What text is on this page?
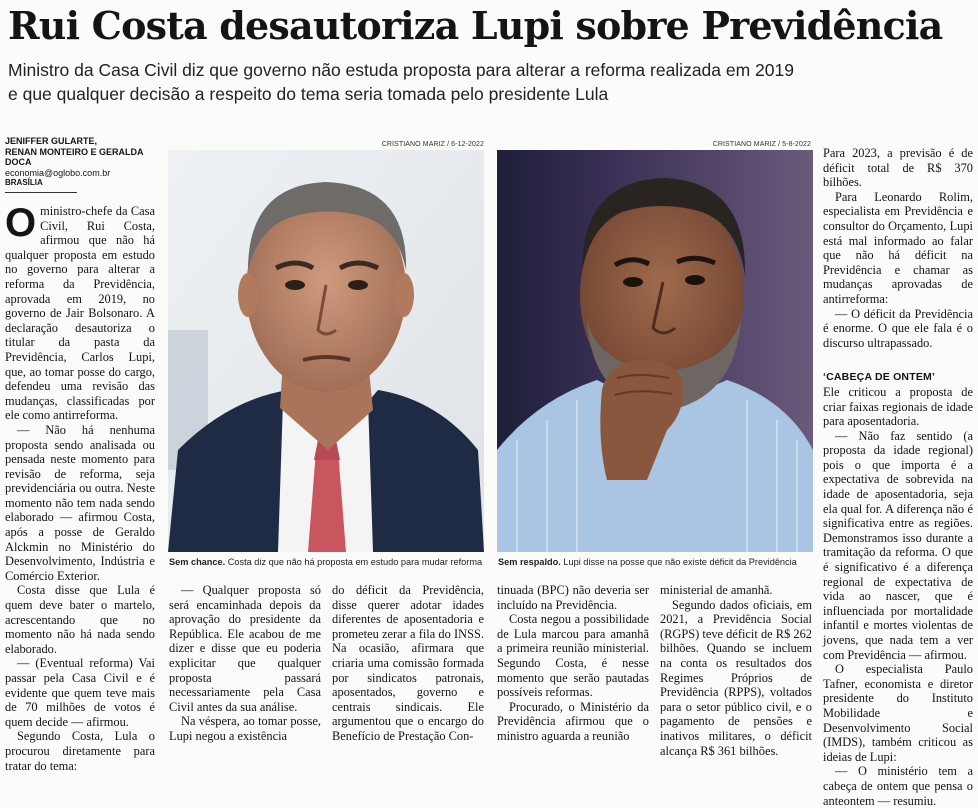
Rui Costa desautoriza Lupi sobre Previdência
Ministro da Casa Civil diz que governo não estuda proposta para alterar a reforma realizada em 2019
e que qualquer decisão a respeito do tema seria tomada pelo presidente Lula
JENIFFER GULARTE,
RENAN MONTEIRO E GERALDA DOCA
economia@oglobo.com.br
BRASÍLIA

Oministro-chefe da Casa Civil, Rui Costa, afirmou que não há qualquer proposta em estudo no governo para alterar a reforma da Previdência, aprovada em 2019, no governo de Jair Bolsonaro. A declaração desautoriza o titular da pasta da Previdência, Carlos Lupi, que, ao tomar posse do cargo, defendeu uma revisão das mudanças, classificadas por ele como antirreforma.

— Não há nenhuma proposta sendo analisada ou pensada neste momento para revisão de reforma, seja previdenciária ou outra. Neste momento não tem nada sendo elaborado — afirmou Costa, após a posse de Geraldo Alckmin no Ministério do Desenvolvimento, Indústria e Comércio Exterior.

Costa disse que Lula é quem deve bater o martelo, acrescentando que no momento não há nada sendo elaborado.

— (Eventual reforma) Vai passar pela Casa Civil e é evidente que quem teve mais de 70 milhões de votos é quem decide — afirmou.

Segundo Costa, Lula o procurou diretamente para tratar do tema:

CRISTIANO MARIZ / 6-12-2022
Sem chance. Costa diz que não há proposta em estudo para mudar reforma
CRISTIANO MARIZ / 5-8-2022
Sem respaldo. Lupi disse na posse que não existe déficit da Previdência

— Qualquer proposta só será encaminhada depois da aprovação do presidente da República. Ele acabou de me dizer e disse que eu poderia explicitar que qualquer proposta passará necessariamente pela Casa Civil antes da sua análise.

Na véspera, ao tomar posse, Lupi negou a existência

do déficit da Previdência, disse querer adotar idades diferentes de aposentadoria e prometeu zerar a fila do INSS. Na ocasião, afirmara que criaria uma comissão formada por sindicatos patronais, aposentados, governo e centrais sindicais. Ele argumentou que o encargo do Benefício de Prestação Con-

tinuada (BPC) não deveria ser incluído na Previdência.

Costa negou a possibilidade de Lula marcou para amanhã a primeira reunião ministerial. Segundo Costa, é nesse momento que serão pautadas possíveis reformas.

Procurado, o Ministério da Previdência afirmou que o ministro aguarda a reunião

ministerial de amanhã.

Segundo dados oficiais, em 2021, a Previdência Social (RGPS) teve déficit de R$ 262 bilhões. Quando se incluem na conta os resultados dos Regimes Próprios de Previdência (RPPS), voltados para o setor público civil, e o pagamento de pensões e inativos militares, o déficit alcança R$ 361 bilhões.

Para 2023, a previsão é de déficit total de R$ 370 bilhões.

Para Leonardo Rolim, especialista em Previdência e consultor do Orçamento, Lupi está mal informado ao falar que não há déficit na Previdência e chamar as mudanças aprovadas de antirreforma:

— O déficit da Previdência é enorme. O que ele fala é o discurso ultrapassado.

‘CABEÇA DE ONTEM’

Ele criticou a proposta de criar faixas regionais de idade para aposentadoria.

— Não faz sentido (a proposta da idade regional) pois o que importa é a expectativa de sobrevida na idade de aposentadoria, seja ela qual for. A diferença não é significativa entre as regiões. Demonstramos isso durante a tramitação da reforma. O que é significativo é a diferença regional de expectativa de vida ao nascer, que é influenciada por mortalidade infantil e mortes violentas de jovens, que nada tem a ver com Previdência — afirmou.

O especialista Paulo Tafner, economista e diretor presidente do Instituto Mobilidade e Desenvolvimento Social (IMDS), também criticou as ideias de Lupi:

— O ministério tem a cabeça de ontem que pensa o anteontem — resumiu.
